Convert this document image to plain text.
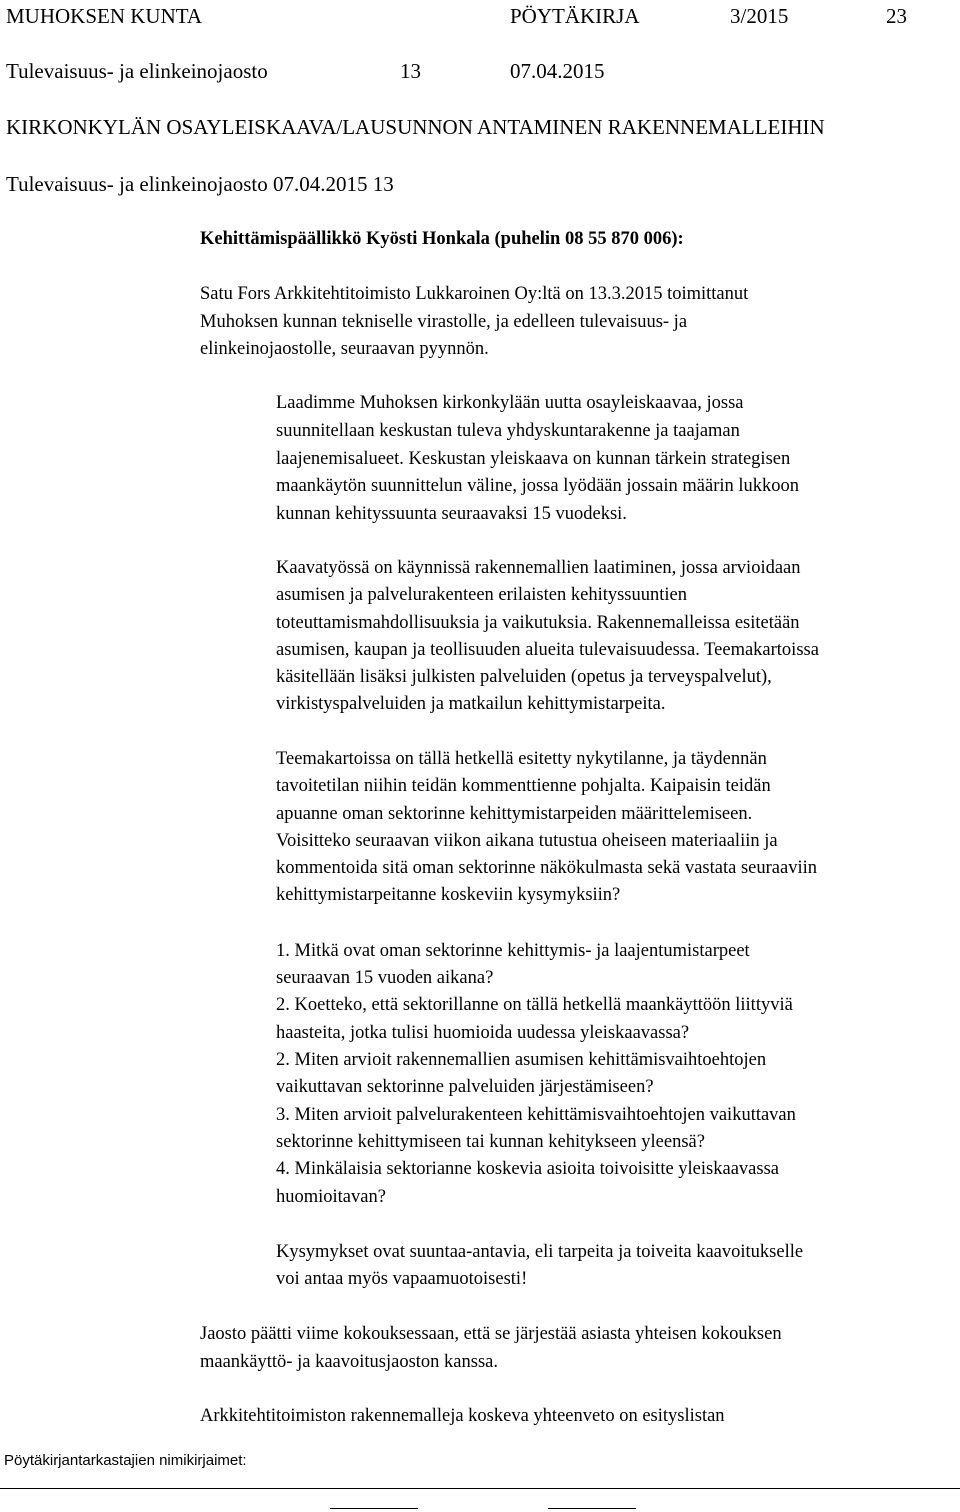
MUHOKSEN KUNTA	PÖYTÄKIRJA	3/2015	23
Tulevaisuus- ja elinkeinojaosto	13	07.04.2015
KIRKONKYLÄN OSAYLEISKAAVA/LAUSUNNON ANTAMINEN RAKENNEMALLEIHIN
Tulevaisuus- ja elinkeinojaosto 07.04.2015 13
Kehittämispäällikkö Kyösti Honkala (puhelin 08 55 870 006):
Satu Fors Arkkitehtitoimisto Lukkaroinen Oy:ltä on 13.3.2015 toimittanut
Muhoksen kunnan tekniselle virastolle, ja edelleen tulevaisuus- ja
elinkeinojaostolle, seuraavan pyynnön.
Laadimme Muhoksen kirkonkylään uutta osayleiskaavaa, jossa
suunnitellaan keskustan tuleva yhdyskuntarakenne ja taajaman
laajenemisalueet. Keskustan yleiskaava on kunnan tärkein strategisen
maankäytön suunnittelun väline, jossa lyödään jossain määrin lukkoon
kunnan kehityssuunta seuraavaksi 15 vuodeksi.
Kaavatyössä on käynnissä rakennemallien laatiminen, jossa arvioidaan
asumisen ja palvelurakenteen erilaisten kehityssuuntien
toteuttamismahdollisuuksia ja vaikutuksia. Rakennemalleissa esitetään
asumisen, kaupan ja teollisuuden alueita tulevaisuudessa. Teemakartoissa
käsitellään lisäksi julkisten palveluiden (opetus ja terveyspalvelut),
virkistyspalveluiden ja matkailun kehittymistarpeita.
Teemakartoissa on tällä hetkellä esitetty nykytilanne, ja täydennän
tavoitetilan niihin teidän kommenttienne pohjalta. Kaipaisin teidän
apuanne oman sektorinne kehittymistarpeiden määrittelemiseen.
Voisitteko seuraavan viikon aikana tutustua oheiseen materiaaliin ja
kommentoida sitä oman sektorinne näkökulmasta sekä vastata seuraaviin
kehittymistarpeitanne koskeviin kysymyksiin?
1. Mitkä ovat oman sektorinne kehittymis- ja laajentumistarpeet
seuraavan 15 vuoden aikana?
2. Koetteko, että sektorillanne on tällä hetkellä maankäyttöön liittyviä
haasteita, jotka tulisi huomioida uudessa yleiskaavassa?
2. Miten arvioit rakennemallien asumisen kehittämisvaihtoehtojen
vaikuttavan sektorinne palveluiden järjestämiseen?
3. Miten arvioit palvelurakenteen kehittämisvaihtoehtojen vaikuttavan
sektorinne kehittymiseen tai kunnan kehitykseen yleensä?
4. Minkälaisia sektorianne koskevia asioita toivoisitte yleiskaavassa
huomioitavan?
Kysymykset ovat suuntaa-antavia, eli tarpeita ja toiveita kaavoitukselle
voi antaa myös vapaamuotoisesti!
Jaosto päätti viime kokouksessaan, että se järjestää asiasta yhteisen kokouksen
maankäyttö- ja kaavoitusjaoston kanssa.
Arkkitehtitoimiston rakennemalleja koskeva yhteenveto on esityslistan
Pöytäkirjantarkastajien nimikirjaimet:
